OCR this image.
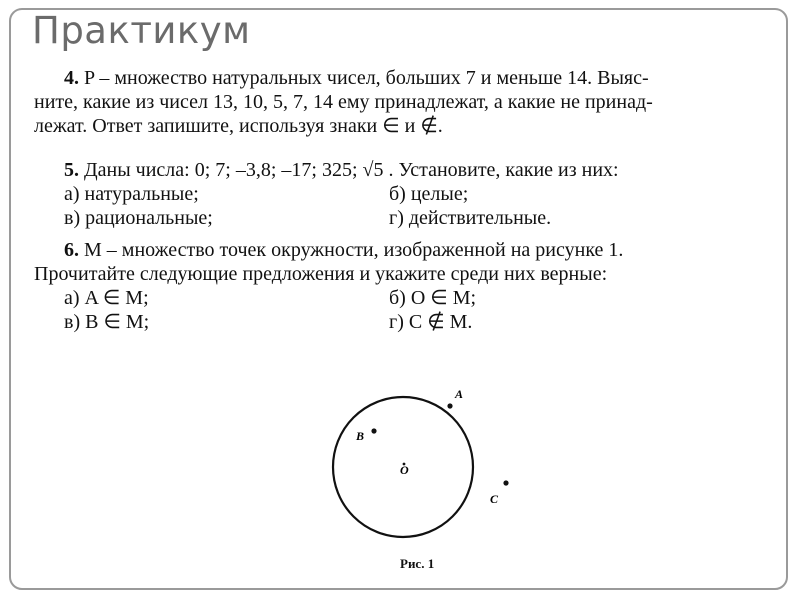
Практикум
4. P – множество натуральных чисел, больших 7 и меньше 14. Выяс-
ните, какие из чисел 13, 10, 5, 7, 14 ему принадлежат, а какие не принад-
лежат. Ответ запишите, используя знаки ∈ и ∉.
5. Даны числа: 0; 7; –3,8; –17; 325; √5 . Установите, какие из них:
а) натуральные;	б) целые;
в) рациональные;	г) действительные.
6. M – множество точек окружности, изображенной на рисунке 1.
Прочитайте следующие предложения и укажите среди них верные:
а) A ∈ M;	б) O ∈ M;
в) B ∈ M;	г) C ∉ M.
A
B
O
C
Рис. 1
